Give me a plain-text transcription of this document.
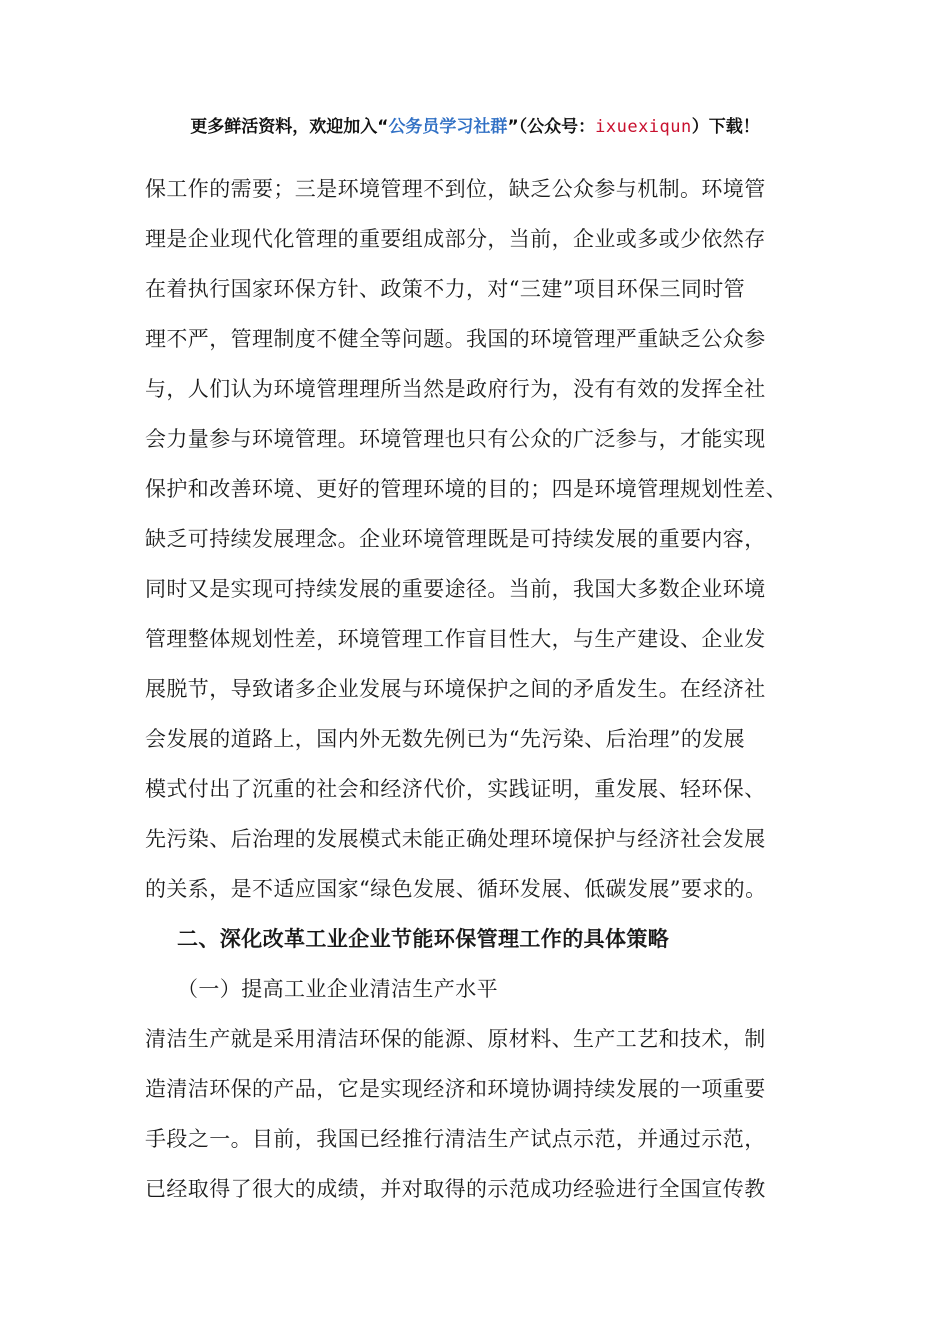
更多鲜活资料，欢迎加入“公务员学习社群”（公众号：ixuexiqun）下载！
保工作的需要；三是环境管理不到位，缺乏公众参与机制。环境管
理是企业现代化管理的重要组成部分，当前，企业或多或少依然存
在着执行国家环保方针、政策不力，对“三建”项目环保三同时管
理不严，管理制度不健全等问题。我国的环境管理严重缺乏公众参
与，人们认为环境管理理所当然是政府行为，没有有效的发挥全社
会力量参与环境管理。环境管理也只有公众的广泛参与，才能实现
保护和改善环境、更好的管理环境的目的；四是环境管理规划性差、
缺乏可持续发展理念。企业环境管理既是可持续发展的重要内容，
同时又是实现可持续发展的重要途径。当前，我国大多数企业环境
管理整体规划性差，环境管理工作盲目性大，与生产建设、企业发
展脱节，导致诸多企业发展与环境保护之间的矛盾发生。在经济社
会发展的道路上，国内外无数先例已为“先污染、后治理”的发展
模式付出了沉重的社会和经济代价，实践证明，重发展、轻环保、
先污染、后治理的发展模式未能正确处理环境保护与经济社会发展
的关系，是不适应国家“绿色发展、循环发展、低碳发展”要求的。
二、深化改革工业企业节能环保管理工作的具体策略
（一）提高工业企业清洁生产水平
清洁生产就是采用清洁环保的能源、原材料、生产工艺和技术，制
造清洁环保的产品，它是实现经济和环境协调持续发展的一项重要
手段之一。目前，我国已经推行清洁生产试点示范，并通过示范，
已经取得了很大的成绩，并对取得的示范成功经验进行全国宣传教
